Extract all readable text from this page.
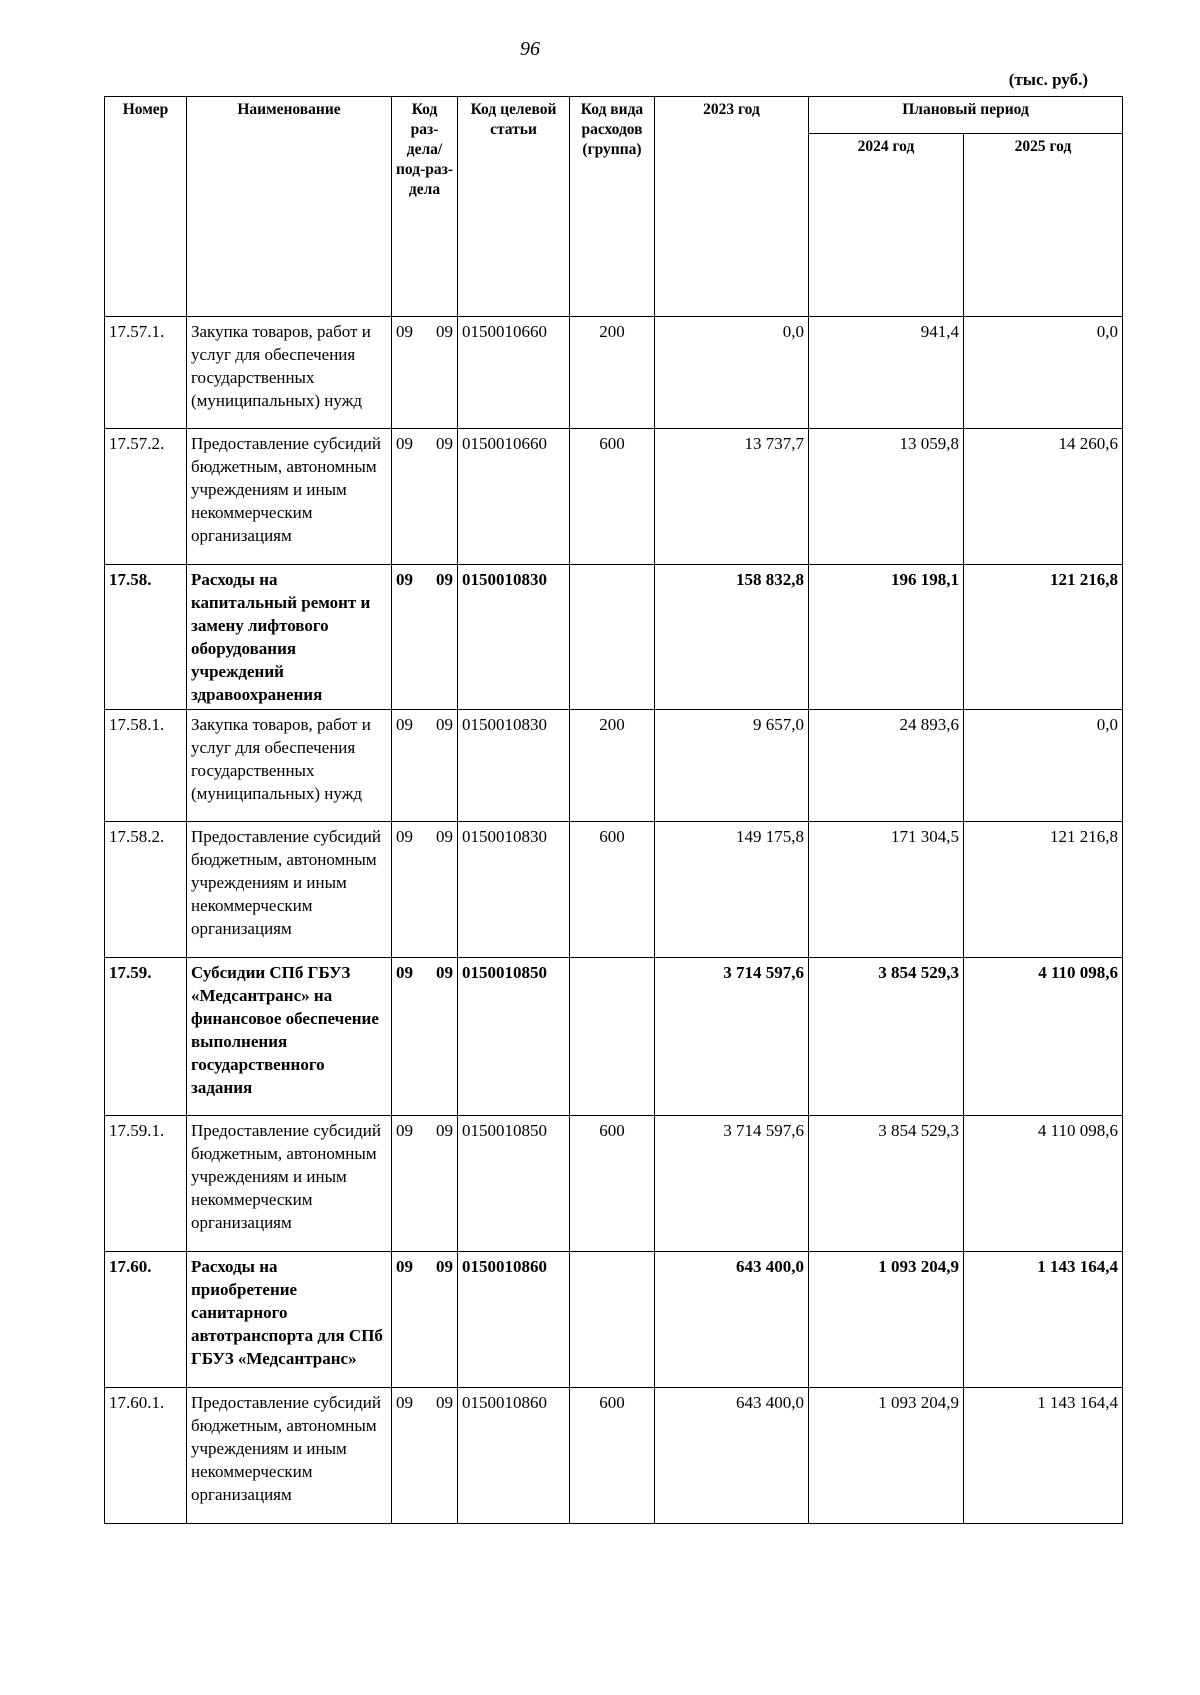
96
(тыс. руб.)
Номер	Наименование	Код раз-дела/ под-раз-дела	Код целевой статьи	Код вида расходов (группа)	2023 год	Плановый период	
						2024 год	2025 год
17.57.1.	Закупка товаров, работ и услуг для обеспечения государственных (муниципальных) нужд	09 09	0150010660	200	0,0	941,4	0,0
17.57.2.	Предоставление субсидий бюджетным, автономным учреждениям и иным некоммерческим организациям	09 09	0150010660	600	13 737,7	13 059,8	14 260,6
17.58.	Расходы на капитальный ремонт и замену лифтового оборудования учреждений здравоохранения	09 09	0150010830		158 832,8	196 198,1	121 216,8
17.58.1.	Закупка товаров, работ и услуг для обеспечения государственных (муниципальных) нужд	09 09	0150010830	200	9 657,0	24 893,6	0,0
17.58.2.	Предоставление субсидий бюджетным, автономным учреждениям и иным некоммерческим организациям	09 09	0150010830	600	149 175,8	171 304,5	121 216,8
17.59.	Субсидии СПб ГБУЗ «Медсантранс» на финансовое обеспечение выполнения государственного задания	09 09	0150010850		3 714 597,6	3 854 529,3	4 110 098,6
17.59.1.	Предоставление субсидий бюджетным, автономным учреждениям и иным некоммерческим организациям	09 09	0150010850	600	3 714 597,6	3 854 529,3	4 110 098,6
17.60.	Расходы на приобретение санитарного автотранспорта для СПб ГБУЗ «Медсантранс»	09 09	0150010860		643 400,0	1 093 204,9	1 143 164,4
17.60.1.	Предоставление субсидий бюджетным, автономным учреждениям и иным некоммерческим организациям	09 09	0150010860	600	643 400,0	1 093 204,9	1 143 164,4
